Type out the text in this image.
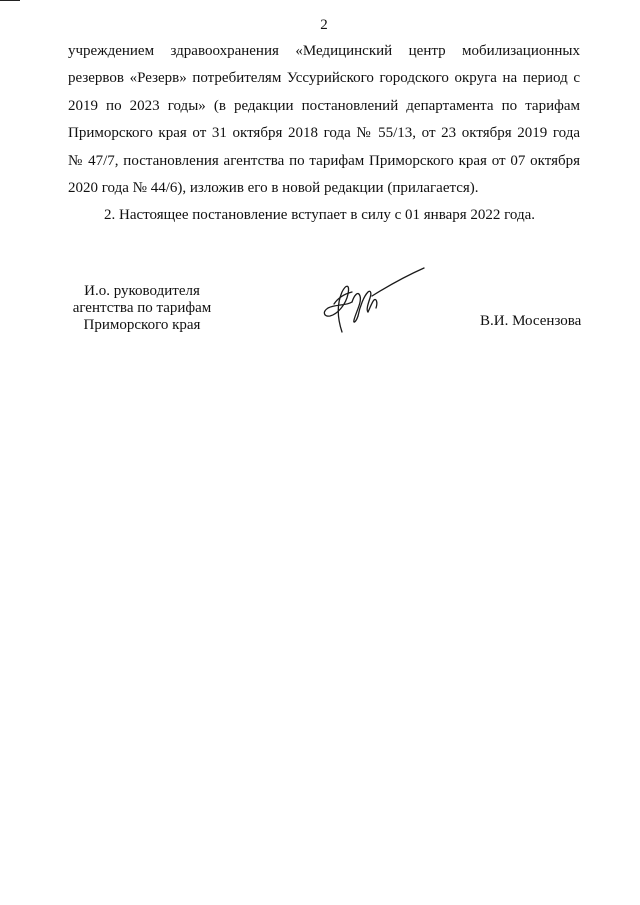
2
учреждением здравоохранения «Медицинский центр мобилизационных
резервов «Резерв» потребителям Уссурийского городского округа на период с
2019 по 2023 годы» (в редакции постановлений департамента по тарифам
Приморского края от 31 октября 2018 года № 55/13, от 23 октября 2019 года
№ 47/7, постановления агентства по тарифам Приморского края от 07 октября
2020 года № 44/6), изложив его в новой редакции (прилагается).
2. Настоящее постановление вступает в силу с 01 января 2022 года.
И.о. руководителя
агентства по тарифам
Приморского края	В.И. Мосензова
